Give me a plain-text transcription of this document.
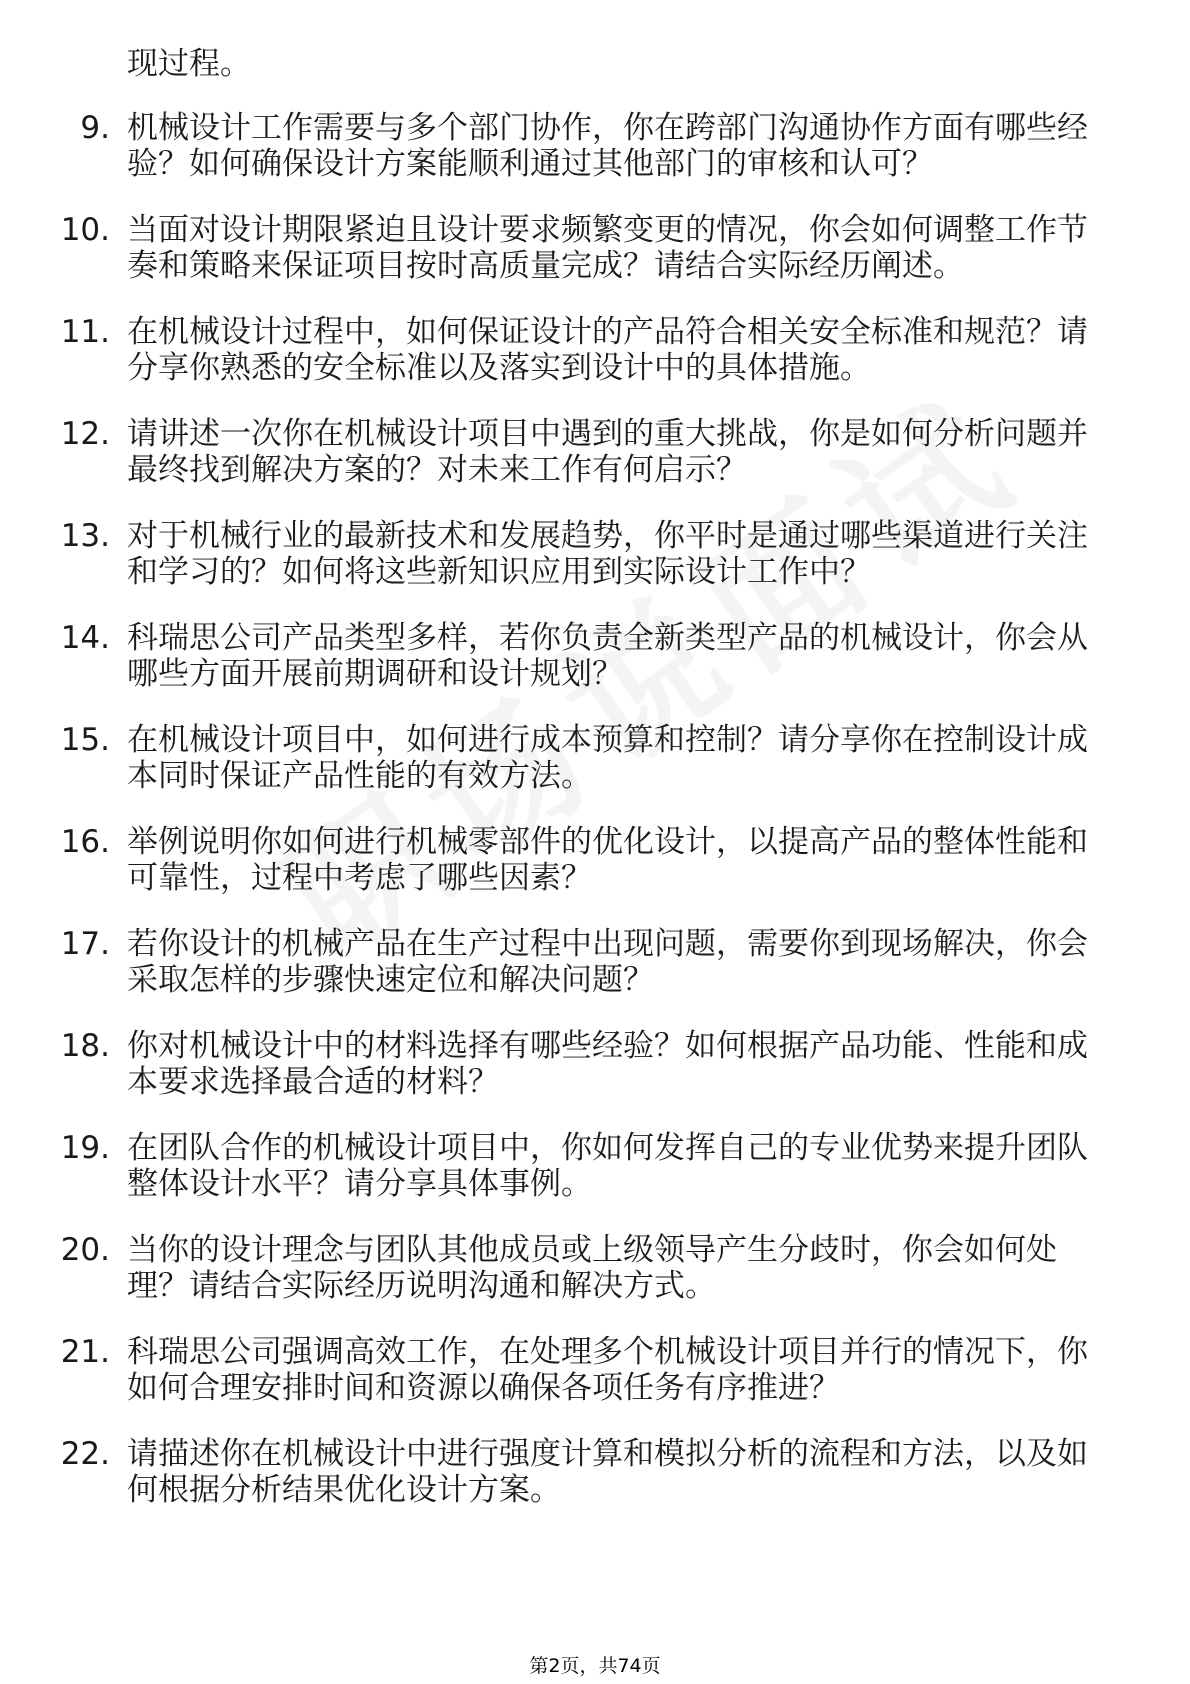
现过程。
9. 机械设计工作需要与多个部门协作，你在跨部门沟通协作方面有哪些经验？如何确保设计方案能顺利通过其他部门的审核和认可？
10. 当面对设计期限紧迫且设计要求频繁变更的情况，你会如何调整工作节奏和策略来保证项目按时高质量完成？请结合实际经历阐述。
11. 在机械设计过程中，如何保证设计的产品符合相关安全标准和规范？请分享你熟悉的安全标准以及落实到设计中的具体措施。
12. 请讲述一次你在机械设计项目中遇到的重大挑战，你是如何分析问题并最终找到解决方案的？对未来工作有何启示？
13. 对于机械行业的最新技术和发展趋势，你平时是通过哪些渠道进行关注和学习的？如何将这些新知识应用到实际设计工作中？
14. 科瑞思公司产品类型多样，若你负责全新类型产品的机械设计，你会从哪些方面开展前期调研和设计规划？
15. 在机械设计项目中，如何进行成本预算和控制？请分享你在控制设计成本同时保证产品性能的有效方法。
16. 举例说明你如何进行机械零部件的优化设计，以提高产品的整体性能和可靠性，过程中考虑了哪些因素？
17. 若你设计的机械产品在生产过程中出现问题，需要你到现场解决，你会采取怎样的步骤快速定位和解决问题？
18. 你对机械设计中的材料选择有哪些经验？如何根据产品功能、性能和成本要求选择最合适的材料？
19. 在团队合作的机械设计项目中，你如何发挥自己的专业优势来提升团队整体设计水平？请分享具体事例。
20. 当你的设计理念与团队其他成员或上级领导产生分歧时，你会如何处理？请结合实际经历说明沟通和解决方式。
21. 科瑞思公司强调高效工作，在处理多个机械设计项目并行的情况下，你如何合理安排时间和资源以确保各项任务有序推进？
22. 请描述你在机械设计中进行强度计算和模拟分析的流程和方法，以及如何根据分析结果优化设计方案。
第2页，共74页
